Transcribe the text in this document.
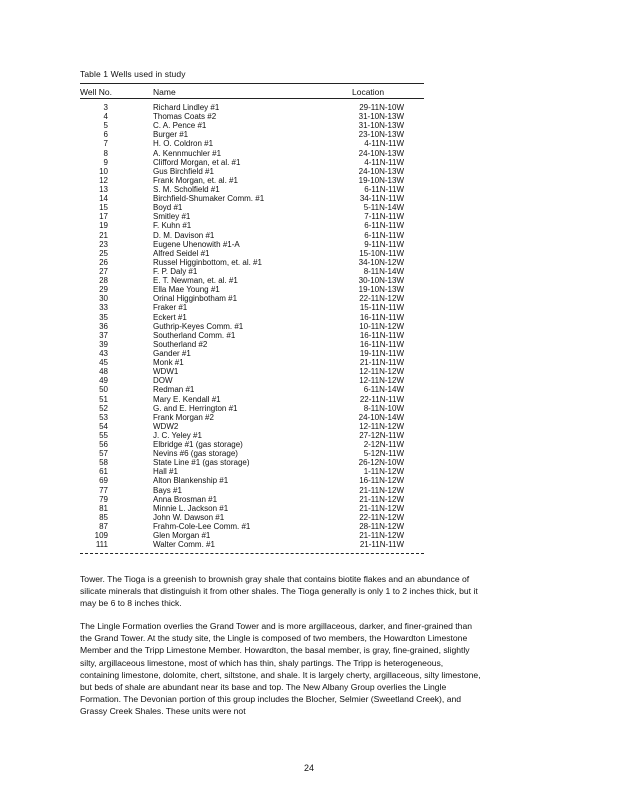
Table 1 Wells used in study
Well No.	Name	Location
3	Richard Lindley #1	29-11N-10W
4	Thomas Coats #2	31-10N-13W
5	C. A. Pence #1	31-10N-13W
6	Burger #1	23-10N-13W
7	H. O. Coldron #1	4-11N-11W
8	A. Kennmuchler #1	24-10N-13W
9	Clifford Morgan, et al. #1	4-11N-11W
10	Gus Birchfield #1	24-10N-13W
12	Frank Morgan, et. al. #1	19-10N-13W
13	S. M. Scholfield #1	6-11N-11W
14	Birchfield-Shumaker Comm. #1	34-11N-11W
15	Boyd #1	5-11N-14W
17	Smitley #1	7-11N-11W
19	F. Kuhn #1	6-11N-11W
21	D. M. Davison #1	6-11N-11W
23	Eugene Uhenowith #1-A	9-11N-11W
25	Alfred Seidel #1	15-10N-11W
26	Russel Higginbottom, et. al. #1	34-10N-12W
27	F. P. Daly #1	8-11N-14W
28	E. T. Newman, et. al. #1	30-10N-13W
29	Ella Mae Young #1	19-10N-13W
30	Orinal Higginbotham #1	22-11N-12W
33	Fraker #1	15-11N-11W
35	Eckert #1	16-11N-11W
36	Guthrip-Keyes Comm. #1	10-11N-12W
37	Southerland Comm. #1	16-11N-11W
39	Southerland #2	16-11N-11W
43	Gander #1	19-11N-11W
45	Monk #1	21-11N-11W
48	WDW1	12-11N-12W
49	DOW	12-11N-12W
50	Redman #1	6-11N-14W
51	Mary E. Kendall #1	22-11N-11W
52	G. and E. Herrington #1	8-11N-10W
53	Frank Morgan #2	24-10N-14W
54	WDW2	12-11N-12W
55	J. C. Yeley #1	27-12N-11W
56	Elbridge #1 (gas storage)	2-12N-11W
57	Nevins #6 (gas storage)	5-12N-11W
58	State Line #1 (gas storage)	26-12N-10W
61	Hall #1	1-11N-12W
69	Alton Blankenship #1	16-11N-12W
77	Bays #1	21-11N-12W
79	Anna Brosman #1	21-11N-12W
81	Minnie L. Jackson #1	21-11N-12W
85	John W. Dawson #1	22-11N-12W
87	Frahm-Cole-Lee Comm. #1	28-11N-12W
109	Glen Morgan #1	21-11N-12W
111	Walter Comm. #1	21-11N-11W
Tower. The Tioga is a greenish to brownish gray shale that contains biotite flakes and an abundance of silicate minerals that distinguish it from other shales. The Tioga generally is only 1 to 2 inches thick, but it may be 6 to 8 inches thick.
The Lingle Formation overlies the Grand Tower and is more argillaceous, darker, and finer-grained than the Grand Tower. At the study site, the Lingle is composed of two members, the Howardton Limestone Member and the Tripp Limestone Member. Howardton, the basal member, is gray, fine-grained, slightly silty, argillaceous limestone, most of which has thin, shaly partings. The Tripp is heterogeneous, containing limestone, dolomite, chert, siltstone, and shale. It is largely cherty, argillaceous, silty limestone, but beds of shale are abundant near its base and top. The New Albany Group overlies the Lingle Formation. The Devonian portion of this group includes the Blocher, Selmier (Sweetland Creek), and Grassy Creek Shales. These units were not
24
